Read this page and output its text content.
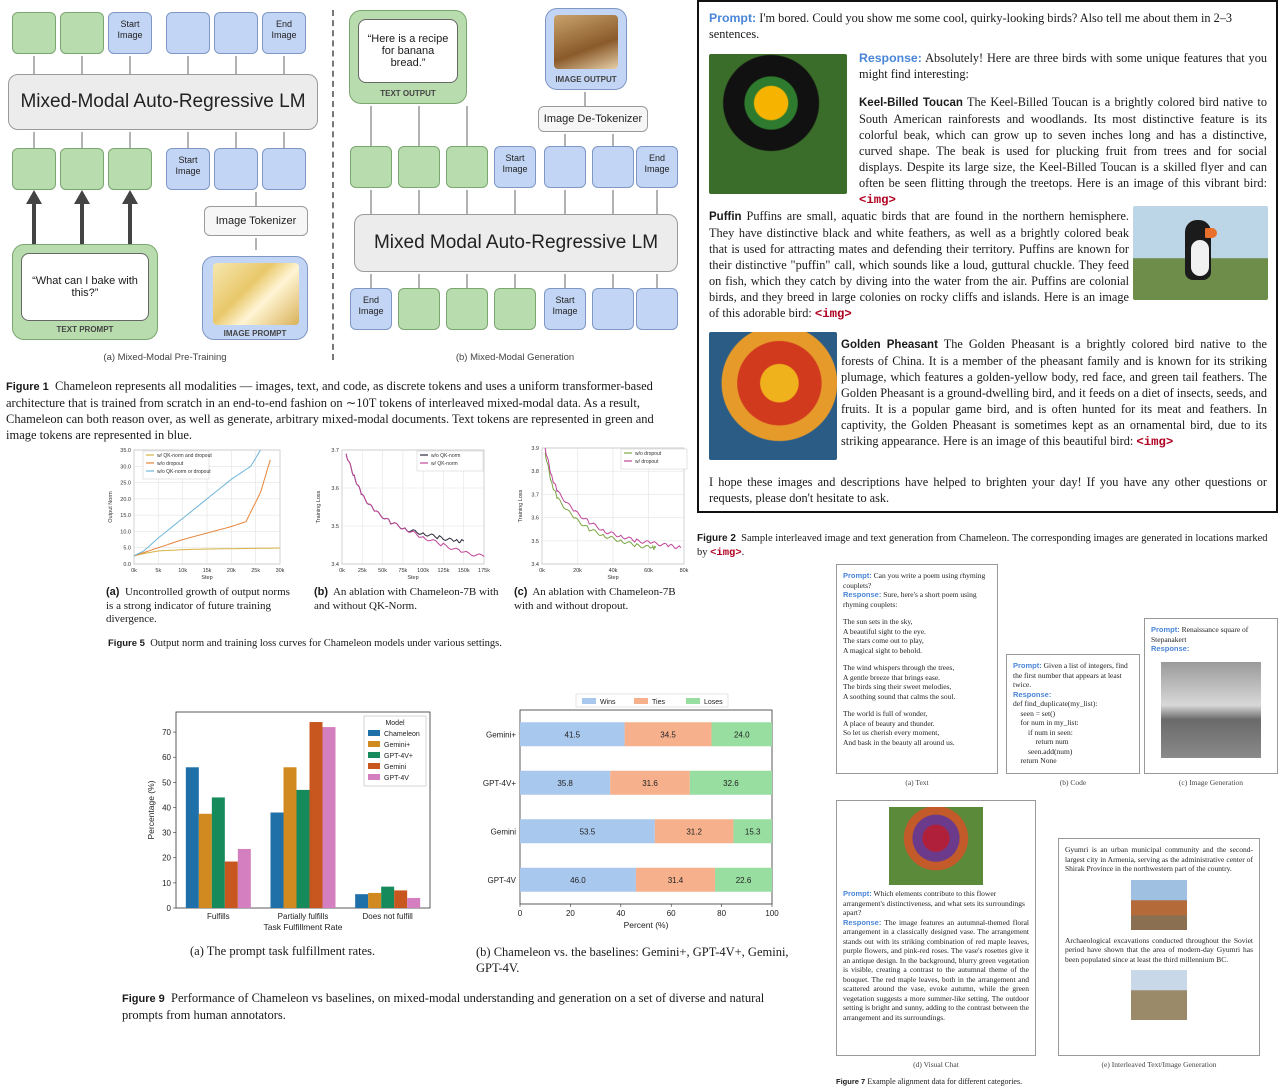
Start Image
End Image
Mixed-Modal Auto-Regressive LM
Start Image
Image Tokenizer
“What can I bake with this?”
TEXT PROMPT	IMAGE PROMPT
(a) Mixed-Modal Pre-Training
“Here is a recipe for banana bread.”
TEXT OUTPUT
IMAGE OUTPUT
Image De-Tokenizer
Start Image
End Image
Mixed Modal Auto-Regressive LM
End Image
Start Image
(b) Mixed-Modal Generation
Figure 1 Chameleon represents all modalities — images, text, and code, as discrete tokens and uses a uniform transformer-based architecture that is trained from scratch in an end-to-end fashion on ∼10T tokens of interleaved mixed-modal data. As a result, Chameleon can both reason over, as well as generate, arbitrary mixed-modal documents. Text tokens are represented in green and image tokens are represented in blue.
Prompt: I'm bored. Could you show me some cool, quirky-looking birds? Also tell me about them in 2–3 sentences.
Response: Absolutely! Here are three birds with some unique features that you might find interesting:
Keel-Billed Toucan The Keel-Billed Toucan is a brightly colored bird native to South American rainforests and woodlands. Its most distinctive feature is its colorful beak, which can grow up to seven inches long and has a distinctive, curved shape. The beak is used for plucking fruit from trees and for social displays. Despite its large size, the Keel-Billed Toucan is a skilled flyer and can often be seen flitting through the treetops. Here is an image of this vibrant bird: <img>
Puffin Puffins are small, aquatic birds that are found in the northern hemisphere. They have distinctive black and white feathers, as well as a brightly colored beak that is used for attracting mates and defending their territory. Puffins are known for their distinctive "puffin" call, which sounds like a loud, guttural chuckle. They feed on fish, which they catch by diving into the water from the air. Puffins are colonial birds, and they breed in large colonies on rocky cliffs and islands. Here is an image of this adorable bird: <img>
Golden Pheasant The Golden Pheasant is a brightly colored bird native to the forests of China. It is a member of the pheasant family and is known for its striking plumage, which features a golden-yellow body, red face, and green tail feathers. The Golden Pheasant is a ground-dwelling bird, and it feeds on a diet of insects, seeds, and fruits. It is a popular game bird, and is often hunted for its meat and feathers. In captivity, the Golden Pheasant is sometimes kept as an ornamental bird, due to its striking appearance. Here is an image of this beautiful bird: <img>
I hope these images and descriptions have helped to brighten your day! If you have any other questions or requests, please don't hesitate to ask.
Figure 2 Sample interleaved image and text generation from Chameleon. The corresponding images are generated in locations marked by <img>.
0k	5k	10k	15k	20k	25k	30k
0.0
5.0
10.0
15.0
20.0
25.0
30.0
35.0
Step
Output Norm
w/ QK-norm and dropout
w/o dropout
w/o QK-norm or dropout
0k 25k 50k 75k 100k 125k 150k 175k
3.4
3.5
3.6
3.7
Step
Training Loss
w/o QK-norm
w/ QK-norm
0k	20k	40k	60k	80k
3.4
3.5
3.6
3.7
3.8
3.9
Step
Training Loss
w/o dropout
w/ dropout
(a) Uncontrolled growth of output norms is a strong indicator of future training divergence.
(b) An ablation with Chameleon-7B with and without QK-Norm.
(c) An ablation with Chameleon-7B with and without dropout.
Figure 5 Output norm and training loss curves for Chameleon models under various settings.
0
10
20
30
40
50
60
70
Fulfills	Partially fulfills	Does not fulfill
Task Fulfillment Rate
Percentage (%)
Model
Chameleon
Gemini+
GPT-4V+
Gemini
GPT-4V
0	20	40	60	80	100
Percent (%)
41.5	34.5	24.0
Gemini+
35.8	31.6	32.6
GPT-4V+
53.5	31.2	15.3
Gemini
46.0	31.4	22.6
GPT-4V
Wins	Ties	Loses
(a) The prompt task fulfillment rates.	(b) Chameleon vs. the baselines: Gemini+, GPT-4V+, Gemini, GPT-4V.
Figure 9 Performance of Chameleon vs baselines, on mixed-modal understanding and generation on a set of diverse and natural prompts from human annotators.
Prompt: Can you write a poem using rhyming couplets?
Response: Sure, here's a short poem using rhyming couplets:
The sun sets in the sky,
A beautiful sight to the eye.
The stars come out to play,
A magical sight to behold.
The wind whispers through the trees,
A gentle breeze that brings ease.
The birds sing their sweet melodies,
A soothing sound that calms the soul.
The world is full of wonder,
A place of beauty and thunder.
So let us cherish every moment,
And bask in the beauty all around us.
(a) Text
Prompt: Given a list of integers, find the first number that appears at least twice.
Response:
def find_duplicate(my_list):
seen = set()
for num in my_list:
if num in seen:
return num
seen.add(num)
return None
(b) Code
Prompt: Renaissance square of Stepanakert
Response:
(c) Image Generation
Prompt: Which elements contribute to this flower arrangement's distinctiveness, and what sets its surroundings apart?
Response: The image features an autumnal-themed floral arrangement in a classically designed vase. The arrangement stands out with its striking combination of red maple leaves, purple flowers, and pink-red roses. The vase's rosettes give it an antique design. In the background, blurry green vegetation is visible, creating a contrast to the autumnal theme of the bouquet. The red maple leaves, both in the arrangement and scattered around the vase, evoke autumn, while the green vegetation suggests a more summer-like setting. The outdoor setting is bright and sunny, adding to the contrast between the arrangement and its surroundings.
(d) Visual Chat
Gyumri is an urban municipal community and the second-largest city in Armenia, serving as the administrative center of Shirak Province in the northwestern part of the country.
Archaeological excavations conducted throughout the Soviet period have shown that the area of modern-day Gyumri has been populated since at least the third millennium BC.
(e) Interleaved Text/Image Generation
Figure 7 Example alignment data for different categories.
